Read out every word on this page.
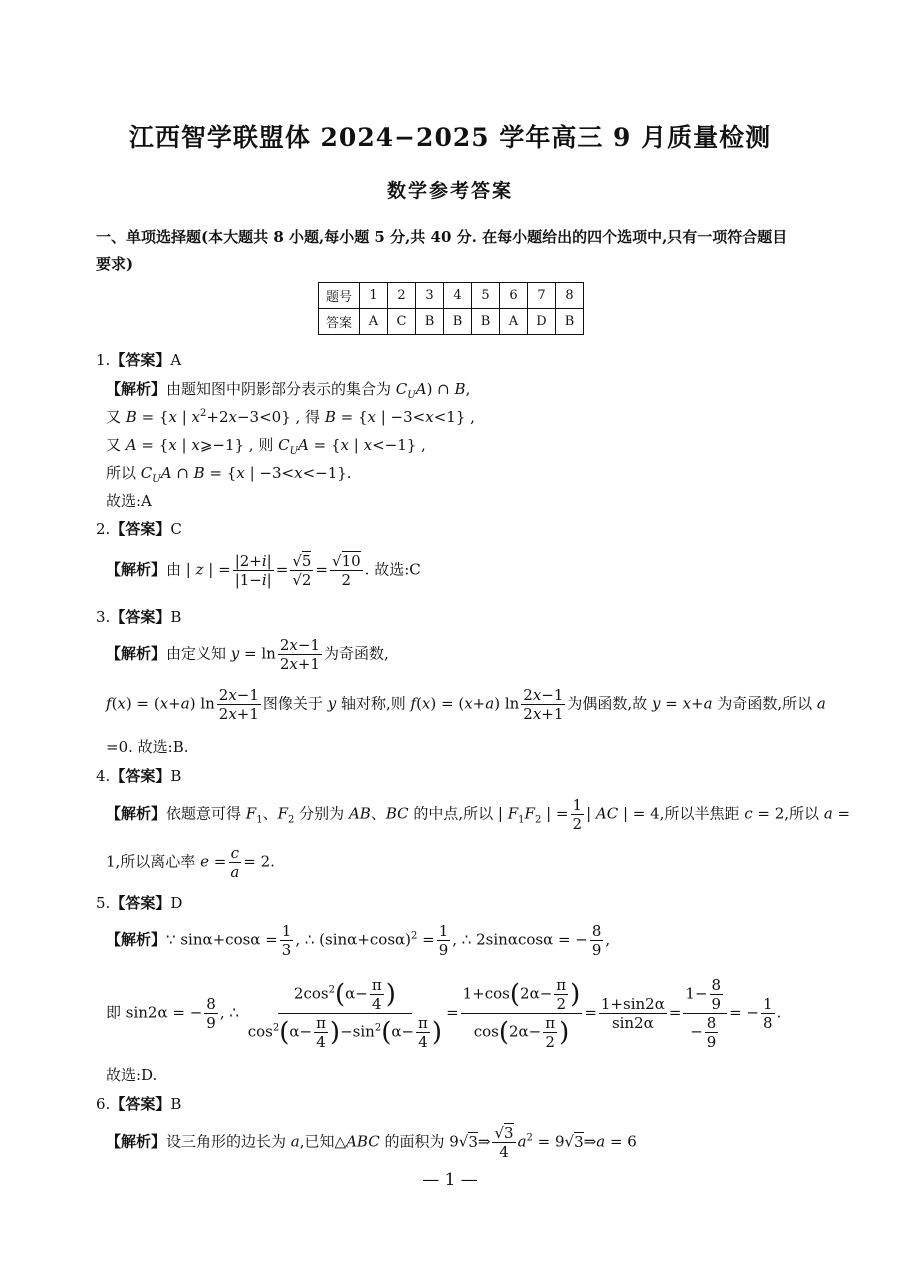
江西智学联盟体 2024−2025 学年高三 9 月质量检测
数学参考答案
一、单项选择题(本大题共 8 小题,每小题 5 分,共 40 分. 在每小题给出的四个选项中,只有一项符合题目
要求)
题号	1	2	3	4	5	6	7	8
答案	A	C	B	B	B	A	D	B
1.【答案】A
【解析】由题知图中阴影部分表示的集合为 $C_UA$) ∩ B,
又 B = {x | $x^2+2x-3<0$} , 得 B = {x | −3<x<1} ,
又 A = {x | x⩾−1} , 则 $C_UA = \{x$ | x<−1} ,
所以 $C_UA$ ∩ B = {x | −3<x<−1}.
故选:A
2.【答案】C
【解析】由 | z | = $\frac{|2+i|}{|1-i|} = \frac{√5}{√2} = \frac{√10}{2}$ . 故选:C
3.【答案】B
【解析】由定义知 $y = \ln \frac{2x-1}{2x+1}$ 为奇函数,
f(x) = (x+a) $\ln \frac{2x-1}{2x+1}$ 图像关于 y 轴对称,则 f(x) = (x+a) $\ln \frac{2x-1}{2x+1}$ 为偶函数,故 y = x+a 为奇函数,所以 a
=0. 故选:B.
4.【答案】B
【解析】依题意可得 $F_1$、$F_2$ 分别为 AB、BC 的中点,所以 | $F_1F_2$ | = $\frac{1}{2}$ | AC | = 4,所以半焦距 c = 2,所以 a =
1,所以离心率 $e = \frac{c}{a} = 2$.
5.【答案】D
【解析】∵ $\sin\alpha+\cos\alpha = \frac{1}{3}$ , ∴ $(\sin\alpha+\cos\alpha)^2 = \frac{1}{9}$ , ∴ 2sinαcosα = − $\frac{8}{9}$ ,
即 sin2α = − $\frac{8}{9}$ , ∴ $\frac{2\cos^2(\alpha- \frac{\pi}{4} )}{\cos^2(\alpha- \frac{\pi}{4} )-\sin^2(\alpha- \frac{\pi}{4} )} = \frac{1+\cos(2\alpha- \frac{\pi}{2} )}{\cos(2\alpha- \frac{\pi}{2} )} = \frac{1+\sin 2\alpha}{\sin 2\alpha} = \frac{1- \frac{8}{9}}{- \frac{8}{9}}$ = − $\frac{1}{8}$ .
故选:D.
6.【答案】B
【解析】设三角形的边长为 a,已知△ABC 的面积为 9√3⇒ $\frac{√3}{4} a^2$ = 9√3⇒a = 6
— 1 —
